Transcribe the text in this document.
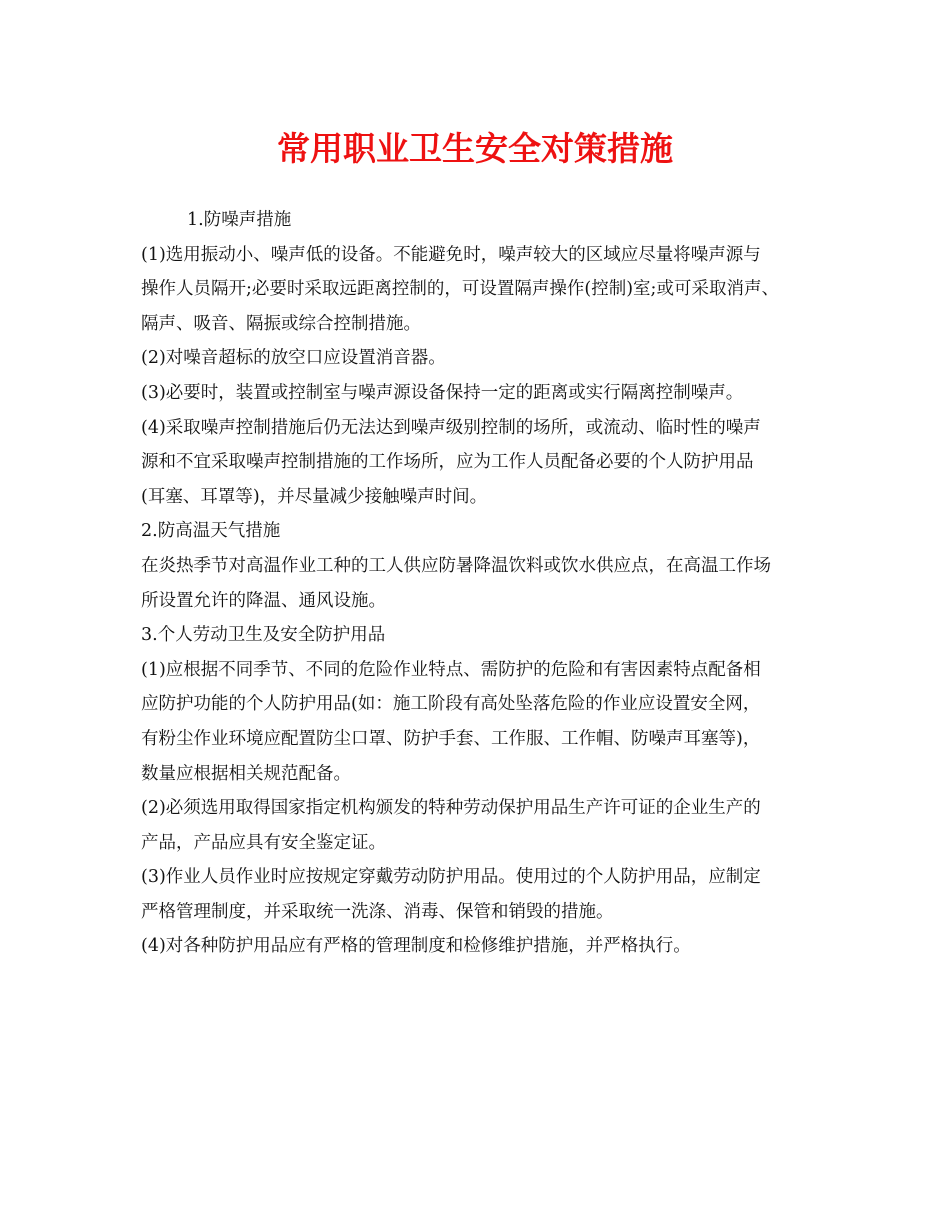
常用职业卫生安全对策措施
1.防噪声措施
(1)选用振动小、噪声低的设备。不能避免时，噪声较大的区域应尽量将噪声源与
操作人员隔开;必要时采取远距离控制的，可设置隔声操作(控制)室;或可采取消声、
隔声、吸音、隔振或综合控制措施。
(2)对噪音超标的放空口应设置消音器。
(3)必要时，装置或控制室与噪声源设备保持一定的距离或实行隔离控制噪声。
(4)采取噪声控制措施后仍无法达到噪声级别控制的场所，或流动、临时性的噪声
源和不宜采取噪声控制措施的工作场所，应为工作人员配备必要的个人防护用品
(耳塞、耳罩等)，并尽量减少接触噪声时间。
2.防高温天气措施
在炎热季节对高温作业工种的工人供应防暑降温饮料或饮水供应点，在高温工作场
所设置允许的降温、通风设施。
3.个人劳动卫生及安全防护用品
(1)应根据不同季节、不同的危险作业特点、需防护的危险和有害因素特点配备相
应防护功能的个人防护用品(如：施工阶段有高处坠落危险的作业应设置安全网，
有粉尘作业环境应配置防尘口罩、防护手套、工作服、工作帽、防噪声耳塞等)，
数量应根据相关规范配备。
(2)必须选用取得国家指定机构颁发的特种劳动保护用品生产许可证的企业生产的
产品，产品应具有安全鉴定证。
(3)作业人员作业时应按规定穿戴劳动防护用品。使用过的个人防护用品，应制定
严格管理制度，并采取统一洗涤、消毒、保管和销毁的措施。
(4)对各种防护用品应有严格的管理制度和检修维护措施，并严格执行。
